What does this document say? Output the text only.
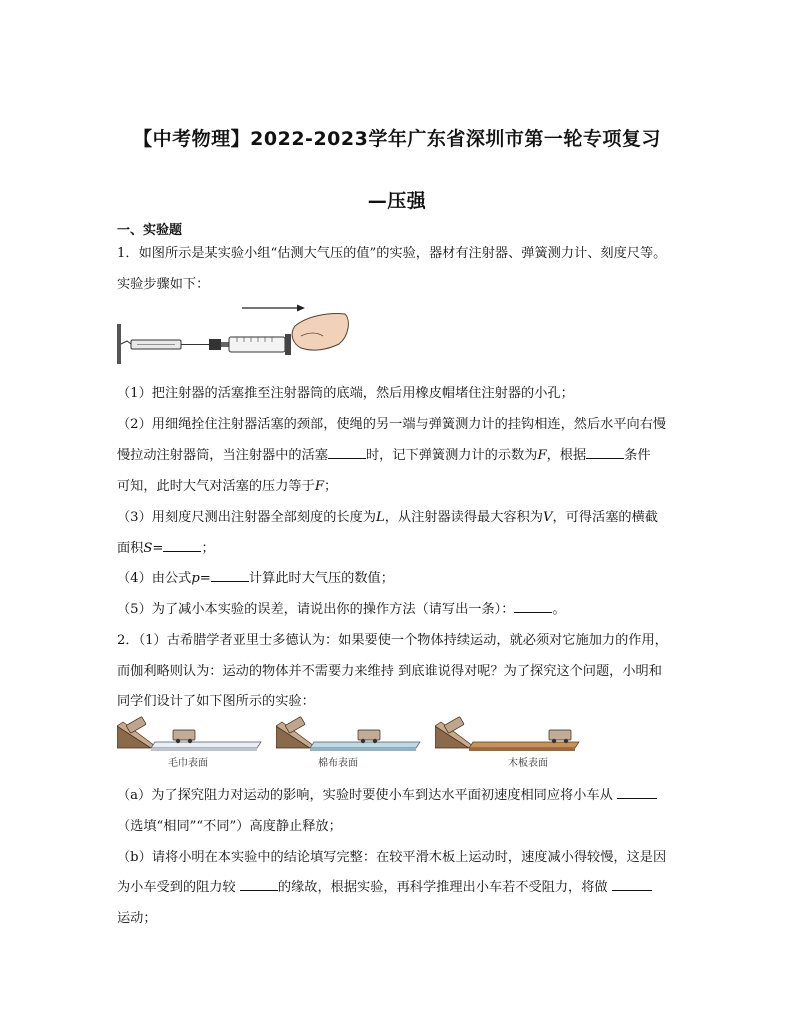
【中考物理】2022-2023学年广东省深圳市第一轮专项复习
—压强
一、实验题
1．如图所示是某实验小组“估测大气压的值”的实验，器材有注射器、弹簧测力计、刻度尺等。
实验步骤如下：
（1）把注射器的活塞推至注射器筒的底端，然后用橡皮帽堵住注射器的小孔；
（2）用细绳拴住注射器活塞的颈部，使绳的另一端与弹簧测力计的挂钩相连，然后水平向右慢
慢拉动注射器筒，当注射器中的活塞	时，记下弹簧测力计的示数为F，根据	条件
可知，此时大气对活塞的压力等于F；
（3）用刻度尺测出注射器全部刻度的长度为L，从注射器读得最大容积为V，可得活塞的横截
面积S=	；
（4）由公式p=	计算此时大气压的数值；
（5）为了减小本实验的误差，请说出你的操作方法（请写出一条）：	。
2．（1）古希腊学者亚里士多德认为：如果要使一个物体持续运动，就必须对它施加力的作用，
而伽利略则认为：运动的物体并不需要力来维持 到底谁说得对呢？为了探究这个问题，小明和
同学们设计了如下图所示的实验：
毛巾表面	棉布表面	木板表面
（a）为了探究阻力对运动的影响，实验时要使小车到达水平面初速度相同应将小车从
（选填“相同”“不同”）高度静止释放；
（b）请将小明在本实验中的结论填写完整：在较平滑木板上运动时，速度减小得较慢，这是因
为小车受到的阻力较	的缘故，根据实验，再科学推理出小车若不受阻力，将做
运动；
